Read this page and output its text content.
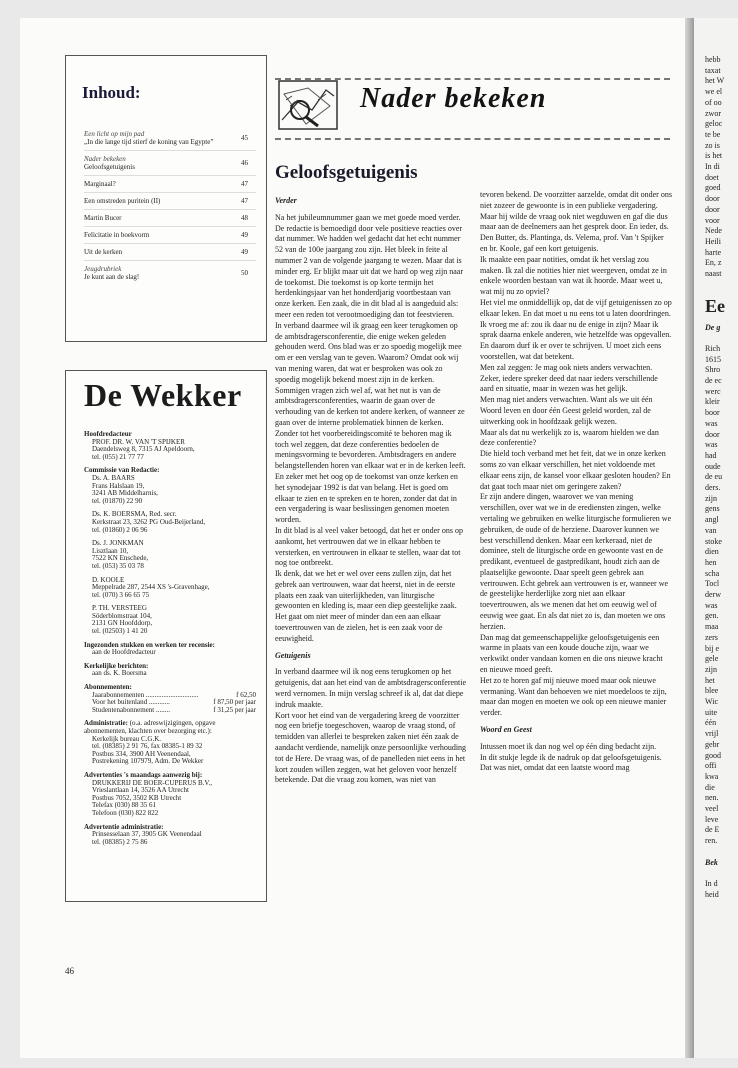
Inhoud:
Een licht op mijn pad
„In die lange tijd stierf de koning van Egypte”	45
Nader bekeken
Geloofsgetuigenis	46
Marginaal?	47
Een omstreden puritein (II)	47
Martin Bucer	48
Felicitatie in boekvorm	49
Uit de kerken	49
Jeugdrubriek
Je kunt aan de slag!	50
De Wekker
Hoofdredacteur
PROF. DR. W. VAN 'T SPIJKER
Daendelsweg 8, 7315 AJ Apeldoorn,
tel. (055) 21 77 77
Commissie van Redactie:
Ds. A. BAARS
Frans Halslaan 19,
3241 AB Middelharnis,
tel. (01870) 22 90
Ds. K. BOERSMA, Red. secr.
Kerkstraat 23, 3262 PG Oud-Beijerland,
tel. (01860) 2 06 96
Ds. J. JONKMAN
Lisztlaan 10,
7522 KN Enschede,
tel. (053) 35 03 78
D. KOOLE
Meppelrade 287, 2544 XS 's-Gravenhage,
tel. (070) 3 66 65 75
P. TH. VERSTEEG
Söderblomstraat 104,
2131 GN Hoofddorp,
tel. (02503) 1 41 20
Ingezonden stukken en werken ter recensie:
aan de Hoofdredacteur
Kerkelijke berichten:
aan ds. K. Boersma
Abonnementen:
Jaarabonnementen ..............................	f 62,50
Voor het buitenland ............	f 87,50 per jaar
Studentenabonnement ........	f 31,25 per jaar
Administratie: (o.a. adreswijzigingen, opgave abonnementen, klachten over bezorging etc.):
Kerkelijk bureau C.G.K.
tel. (08385) 2 91 76, fax 08385-1 89 32
Postbus 334, 3900 AH Veenendaal,
Postrekening 107979, Adm. De Wekker
Advertenties 's maandags aanwezig bij:
DRUKKERIJ DE BOER-CUPERUS B.V.,
Vrieslantlaan 14, 3526 AA Utrecht
Postbus 7052, 3502 KB Utrecht
Telefax (030) 88 35 61
Telefoon (030) 822 822
Advertentie administratie:
Prinsesselaan 37, 3905 GK Veenendaal
tel. (08385) 2 75 86
Nader bekeken
Geloofsgetuigenis

Verder

Na het jubileumnummer gaan we met goede moed verder. De redactie is bemoedigd door vele positieve reacties over dat nummer. We hadden wel gedacht dat het echt nummer 52 van de 100e jaargang zou zijn. Het bleek in feite al nummer 2 van de volgende jaargang te wezen. Maar dat is minder erg. Er blijkt maar uit dat we hard op weg zijn naar de toekomst. Die toekomst is op korte termijn het herdenkingsjaar van het honderdjarig voortbestaan van onze kerken. Een zaak, die in dit blad al is aangeduid als: meer een reden tot verootmoediging dan tot feestvieren.

In verband daarmee wil ik graag een keer terugkomen op de ambtsdragersconferentie, die enige weken geleden gehouden werd. Ons blad was er zo spoedig mogelijk mee om er een verslag van te geven. Waarom? Omdat ook wij van mening waren, dat wat er besproken was ook zo spoedig mogelijk bekend moest zijn in de kerken.

Sommigen vragen zich wel af, wat het nut is van de ambtsdragersconferenties, waarin de gaan over de verhouding van de kerken tot andere kerken, of wanneer ze gaan over de interne problematiek binnen de kerken. Zonder tot het voorbereidingscomité te behoren mag ik toch wel zeggen, dat deze conferenties bedoelen de meningsvorming te bevorderen. Ambtsdragers en andere belangstellenden horen van elkaar wat er in de kerken leeft. En zeker met het oog op de toekomst van onze kerken en het synodejaar 1992 is dat van belang. Het is goed om elkaar te zien en te spreken en te horen, zonder dat dat in een vergadering is waar beslissingen genomen moeten worden.

In dit blad is al veel vaker betoogd, dat het er onder ons op aankomt, het vertrouwen dat we in elkaar hebben te versterken, en vertrouwen in elkaar te stellen, waar dat tot nog toe ontbreekt.

Ik denk, dat we het er wel over eens zullen zijn, dat het gebrek aan vertrouwen, waar dat heerst, niet in de eerste plaats een zaak van uiterlijkheden, van liturgische gewoonten en kleding is, maar een diep geestelijke zaak. Het gaat om niet meer of minder dan een aan elkaar toevertrouwen van de zielen, het is een zaak voor de eeuwigheid.

Getuigenis

In verband daarmee wil ik nog eens terugkomen op het getuigenis, dat aan het eind van de ambtsdragersconferentie werd vernomen. In mijn verslag schreef ik al, dat dat diepe indruk maakte.

Kort voor het eind van de vergadering kreeg de voorzitter nog een briefje toegeschoven, waarop de vraag stond, of temidden van allerlei te bespreken zaken niet één zaak de aandacht verdiende, namelijk onze persoonlijke verhouding tot de Here. De vraag was, of de panelleden niet eens in het kort zouden willen zeggen, wat het geloven voor henzelf betekende. Dat die vraag zou komen, was niet van

tevoren bekend. De voorzitter aarzelde, omdat dit onder ons niet zozeer de gewoonte is in een publieke vergadering. Maar hij wilde de vraag ook niet wegduwen en gaf die dus maar aan de deelnemers aan het gesprek door. En ieder, ds. Den Butter, ds. Plantinga, ds. Velema, prof. Van 't Spijker en br. Koole, gaf een kort getuigenis.

Ik maakte een paar notities, omdat ik het verslag zou maken. Ik zal die notities hier niet weergeven, omdat ze in enkele woorden bestaan van wat ik hoorde. Maar weet u, wat mij nu zo opviel?

Het viel me onmiddellijk op, dat de vijf getuigenissen zo op elkaar leken. En dat moet u nu eens tot u laten doordringen.

Ik vroeg me af: zou ik daar nu de enige in zijn? Maar ik sprak daarna enkele anderen, wie hetzelfde was opgevallen. En daarom durf ik er over te schrijven. U moet zich eens voorstellen, wat dat betekent.

Men zal zeggen: Je mag ook niets anders verwachten.

Zeker, iedere spreker deed dat naar ieders verschillende aard en situatie, maar in wezen was het gelijk.

Men mag niet anders verwachten. Want als we uit één Woord leven en door één Geest geleid worden, zal de uitwerking ook in hoofdzaak gelijk wezen.

Maar als dat nu werkelijk zo is, waarom hielden we dan deze conferentie?

Die hield toch verband met het feit, dat we in onze kerken soms zo van elkaar verschillen, het niet voldoende met elkaar eens zijn, de kansel voor elkaar gesloten houden? En dat gaat toch maar niet om geringere zaken?

Er zijn andere dingen, waarover we van mening verschillen, over wat we in de erediensten zingen, welke vertaling we gebruiken en welke liturgische formulieren we gebruiken, de oude of de herziene. Daarover kunnen we best verschillend denken. Maar een kerkeraad, niet de dominee, stelt de liturgische orde en gewoonte vast en de predikant, eventueel de gastpredikant, houdt zich aan de plaatselijke gewoonte. Daar speelt geen gebrek aan vertrouwen. Echt gebrek aan vertrouwen is er, wanneer we de geestelijke herderlijke zorg niet aan elkaar toevertrouwen, als we menen dat het om eeuwig wel of eeuwig wee gaat. En als dat niet zo is, dan moeten we ons herzien.

Dan mag dat gemeenschappelijke geloofsgetuigenis een warme in plaats van een koude douche zijn, waar we verkwikt onder vandaan komen en die ons nieuwe kracht en nieuwe moed geeft.

Het zo te horen gaf mij nieuwe moed maar ook nieuwe vermaning. Want dan behoeven we niet moedeloos te zijn, maar dan mogen en moeten we ook op een nieuwe manier verder.

Woord en Geest

Intussen moet ik dan nog wel op één ding bedacht zijn.

In dit stukje legde ik de nadruk op dat geloofsgetuigenis.

Dat was niet, omdat dat een laatste woord mag

46
hebb
taxat
het W
we el
of oo
zwor
geloc
te be
zo is
is het
In di
doet
goed
door
door
voor
Nede
Heili
harte
En, z
naast
Ee
De g
Rich
1615
Shro
de ec
werc
kleir
boor
was
door
was
had
oude
de eu
ders.
zijn
gens
angl
van
stoke
dien
hen
scha
Tocl
derw
was
gen.
maa
zers
bij e
gele
zijn
het
blee
Wic
uite
één
vrijl
gebr
good
offi
kwa
die
nen.
veel
leve
de E
ren.
Bek
In d
heid
